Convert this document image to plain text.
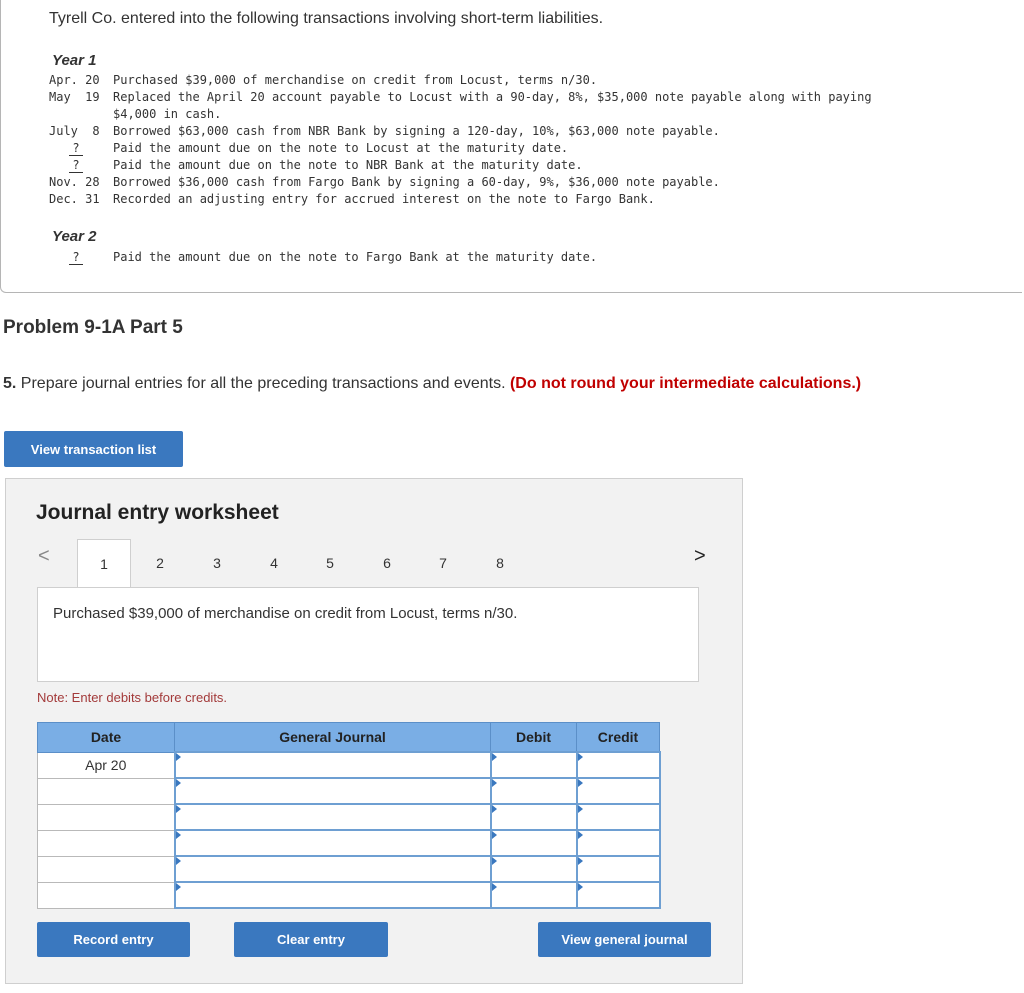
Tyrell Co. entered into the following transactions involving short-term liabilities.
Year 1
Apr. 20 Purchased $39,000 of merchandise on credit from Locust, terms n/30.
May  19 Replaced the April 20 account payable to Locust with a 90-day, 8%, $35,000 note payable along with paying
$4,000 in cash.
July  8 Borrowed $63,000 cash from NBR Bank by signing a 120-day, 10%, $63,000 note payable.
?	Paid the amount due on the note to Locust at the maturity date.
?	Paid the amount due on the note to NBR Bank at the maturity date.
Nov. 28 Borrowed $36,000 cash from Fargo Bank by signing a 60-day, 9%, $36,000 note payable.
Dec. 31 Recorded an adjusting entry for accrued interest on the note to Fargo Bank.
Year 2
?	Paid the amount due on the note to Fargo Bank at the maturity date.
Problem 9-1A Part 5
5. Prepare journal entries for all the preceding transactions and events. (Do not round your intermediate calculations.)
View transaction list
Journal entry worksheet
<	1	2	3	4	5	6	7	8	>
Purchased $39,000 of merchandise on credit from Locust, terms n/30.
Note: Enter debits before credits.
Date	General Journal	Debit	Credit
Apr 20			

Record entry	Clear entry	View general journal
